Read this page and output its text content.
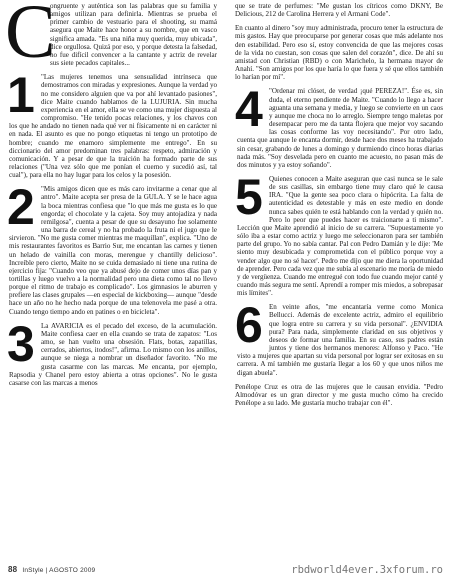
C

ongruente y auténtica son las palabras que su familia y amigos utilizan para definirla. Mientras se prueba el primer cambio de vestuario para el shooting, su mamá asegura que Maite hace honor a su nombre, que en vasco significa amada. "Es una niña muy querida, muy ubicada", dice orgullosa. Quizá por eso, y porque detesta la falsedad, no fue difícil convencer a la cantante y actriz de revelar sus siete pecados capitales...

1 "Las mujeres tenemos una sensualidad intrínseca que demostramos con miradas y expresiones. Aunque la verdad yo no me considero alguien que va por ahí levantado pasiones", dice Maite cuando hablamos de la LUJURIA. Sin mucha experiencia en el amor, ella se ve como una mujer dispuesta al compromiso. "He tenido pocas relaciones, y los chavos con los que he andado no tienen nada qué ver ni físicamente ni en carácter ni en nada. El asunto es que no pongo etiquetas ni tengo un prototipo de hombre; cuando me enamoro simplemente me entrego". En su diccionario del amor predominan tres palabras: respeto, admiración y comunicación. Y a pesar de que la traición ha formado parte de sus relaciones ("Una vez sólo que me ponían el cuerno y sucedió así, tal cual"), para ella no hay lugar para los celos y la posesión.

2 "Mis amigos dicen que es más caro invitarme a cenar que al antro". Maite acepta ser presa de la GULA. Y se le hace agua la boca mientras confiesa que "lo que más me gusta es lo que engorda; el chocolate y la cajeta. Soy muy antojadiza y nada remilgosa", cuenta a pesar de que su desayuno fue solamente una barra de cereal y no ha probado la fruta ni el jugo que le sirvieron. "No me gusta comer mientras me maquillan", explica. "Uno de mis restaurantes favoritos es Barrio Sur, me encantan las carnes y tienen un helado de vainilla con moras, merengue y chantilly delicioso". Increíble pero cierto, Maite no se cuida demasiado ni tiene una rutina de ejercicio fija: "Cuando veo que ya abusé dejo de comer unos días pan y tortillas y luego vuelvo a la normalidad pero una dieta como tal no llevo porque el ritmo de trabajo es complicado". Los gimnasios le aburren y prefiere las clases grupales —en especial de kickboxing— aunque "desde hace un año no he hecho nada porque de una telenovela me pasé a otra. Cuando tengo tiempo ando en patines o en bicicleta".

3 La AVARICIA es el pecado del exceso, de la acumulación. Maite confiesa caer en ella cuando se trata de zapatos: "Los amo, se han vuelto una obsesión. Flats, botas, zapatillas, cerrados, abiertos, itodos!", afirma. Lo mismo con los anillos, aunque se niega a nombrar un diseñador favorito. "No me gusta casarme con las marcas. Me encanta, por ejemplo, Rapsodia y Chanel pero estoy abierta a otras opciones". No le gusta casarse con las marcas a menos

que se trate de perfumes: "Me gustan los cítricos como DKNY, Be Delicious, 212 de Carolina Herrera y el Armani Code".

En cuanto al dinero "soy muy administrada, procuro tener la estructura de mis gastos. Hay que preocuparse por generar cosas que más adelante nos den estabilidad. Pero eso sí, estoy convencida de que las mejores cosas de la vida no cuestan, son cosas que salen del corazón", dice. De ahí su amistad con Christian (RBD) o con Marichelo, la hermana mayor de Anahí. "Son amigos por los que haría lo que fuera y sé que ellos también lo harían por mí".

4 "Ordenar mi clóset, de verdad ¡qué PEREZA!". Ése es, sin duda, el eterno pendiente de Maite. "Cuando lo llego a hacer aguanta una semana y media, y luego se convierte en un caos y aunque me choca no lo arreglo. Siempre tengo maletas por desempacar pero me da tanta flojera que mejor voy sacando las cosas conforme las voy necesitando". Por otro lado, cuenta que aunque le encanta dormir, desde hace dos meses ha trabajado sin cesar, grabando de lunes a domingo y durmiendo cinco horas diarias nada más. "Soy desvelada pero en cuanto me acuesto, no pasan más de dos minutos y ya estoy soñando".

5 Quienes conocen a Maite aseguran que casi nunca se le sale de sus casillas, sin embargo tiene muy claro qué le causa IRA. "Que la gente sea poco clara o hipócrita. La falta de autenticidad es detestable y más en este medio en donde nunca sabes quién te está hablando con la verdad y quién no. Pero lo peor que puedes hacer es traicionarte a ti mismo". Lección que Maite aprendió al inicio de su carrera. "Supuestamente yo sólo iba a estar como actriz y luego me seleccionaron para ser también parte del grupo. Yo no sabía cantar. Pal con Pedro Damián y le dije: 'Me siento muy desubicada y comprometida con el público porque voy a vender algo que no sé hacer'. Pedro me dijo que me diera la oportunidad de aprender. Pero cada vez que me subía al escenario me moría de miedo y de vergüenza. Cuando me entregué con todo fue cuando mejor canté y cuando más segura me sentí. Aprendí a romper mis miedos, a sobrepasar mis límites".

6 En veinte años, "me encantaría verme como Monica Bellucci. Además de excelente actriz, admiro el equilibrio que logra entre su carrera y su vida personal". ¿ENVIDIA pura? Para nada, simplemente claridad en sus objetivos y deseos de formar una familia. En su caso, sus padres están juntos y tiene dos hermanos menores: Alfonso y Paco. "He visto a mujeres que apartan su vida personal por lograr ser exitosas en su carrera. A mí también me gustaría llegar a los 60 y que unos niños me digan abuela".

Penélope Cruz es otra de las mujeres que le causan envidia. "Pedro Almodóvar es un gran director y me gusta mucho cómo ha crecido Penélope a su lado. Me gustaría mucho trabajar con él".

88 InStyle | AGOSTO 2009	rbdworld4ever.3xforum.ro
